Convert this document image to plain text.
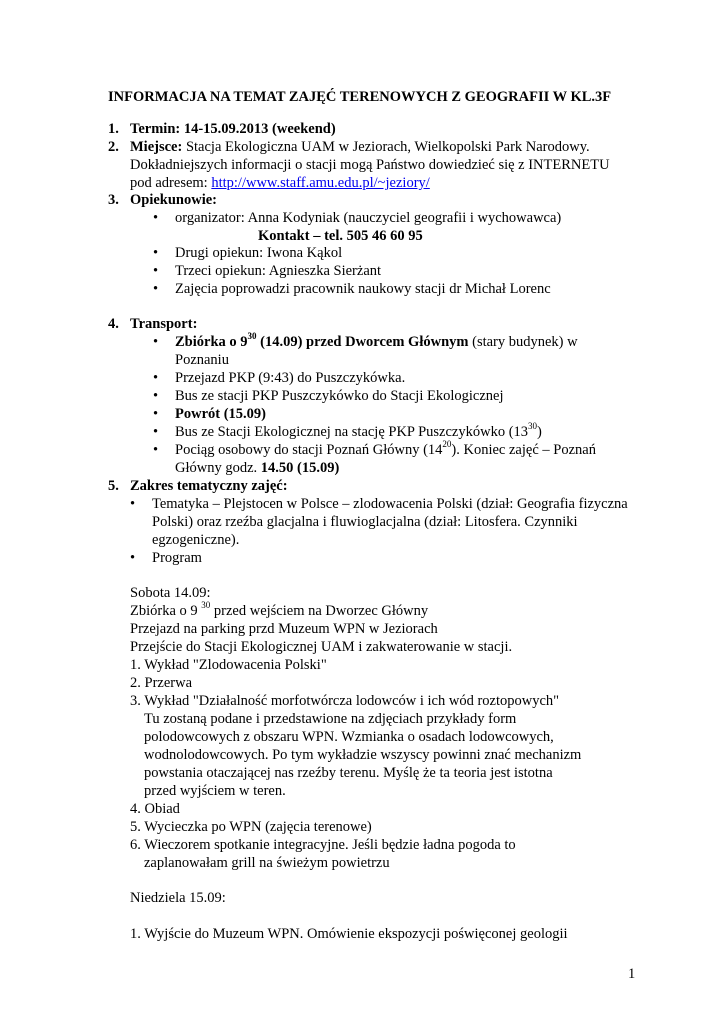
INFORMACJA NA TEMAT ZAJĘĆ TERENOWYCH Z GEOGRAFII W KL.3F
1. Termin: 14-15.09.2013 (weekend)
2. Miejsce: Stacja Ekologiczna UAM w Jeziorach, Wielkopolski Park Narodowy.
Dokładniejszych informacji o stacji mogą Państwo dowiedzieć się z INTERNETU
pod adresem: http://www.staff.amu.edu.pl/~jeziory/
3. Opiekunowie:
• organizator: Anna Kodyniak (nauczyciel geografii i wychowawca)
Kontakt – tel. 505 46 60 95
• Drugi opiekun: Iwona Kąkol
• Trzeci opiekun: Agnieszka Sierżant
• Zajęcia poprowadzi pracownik naukowy stacji dr Michał Lorenc
4. Transport:
• Zbiórka o $9^{30}$ (14.09) przed Dworcem Głównym (stary budynek) w
Poznaniu
• Przejazd PKP (9:43) do Puszczykówka.
• Bus ze stacji PKP Puszczykówko do Stacji Ekologicznej
• Powrót (15.09)
• Bus ze Stacji Ekologicznej na stację PKP Puszczykówko $(13^{30})$
• Pociąg osobowy do stacji Poznań Główny $(14^{20})$. Koniec zajęć – Poznań
Główny godz. 14.50 (15.09)
5. Zakres tematyczny zajęć:
• Tematyka – Plejstocen w Polsce – zlodowacenia Polski (dział: Geografia fizyczna
Polski) oraz rzeźba glacjalna i fluwioglacjalna (dział: Litosfera. Czynniki
egzogeniczne).
• Program
Sobota 14.09:
Zbiórka o 9 $^{30}$ przed wejściem na Dworzec Główny
Przejazd na parking przd Muzeum WPN w Jeziorach
Przejście do Stacji Ekologicznej UAM i zakwaterowanie w stacji.
1. Wykład "Zlodowacenia Polski"
2. Przerwa
3. Wykład "Działalność morfotwórcza lodowców i ich wód roztopowych"
Tu zostaną podane i przedstawione na zdjęciach przykłady form
polodowcowych z obszaru WPN. Wzmianka o osadach lodowcowych,
wodnolodowcowych. Po tym wykładzie wszyscy powinni znać mechanizm
powstania otaczającej nas rzeźby terenu. Myślę że ta teoria jest istotna
przed wyjściem w teren.
4. Obiad
5. Wycieczka po WPN (zajęcia terenowe)
6. Wieczorem spotkanie integracyjne. Jeśli będzie ładna pogoda to
zaplanowałam grill na świeżym powietrzu
Niedziela 15.09:
1. Wyjście do Muzeum WPN. Omówienie ekspozycji poświęconej geologii
1
